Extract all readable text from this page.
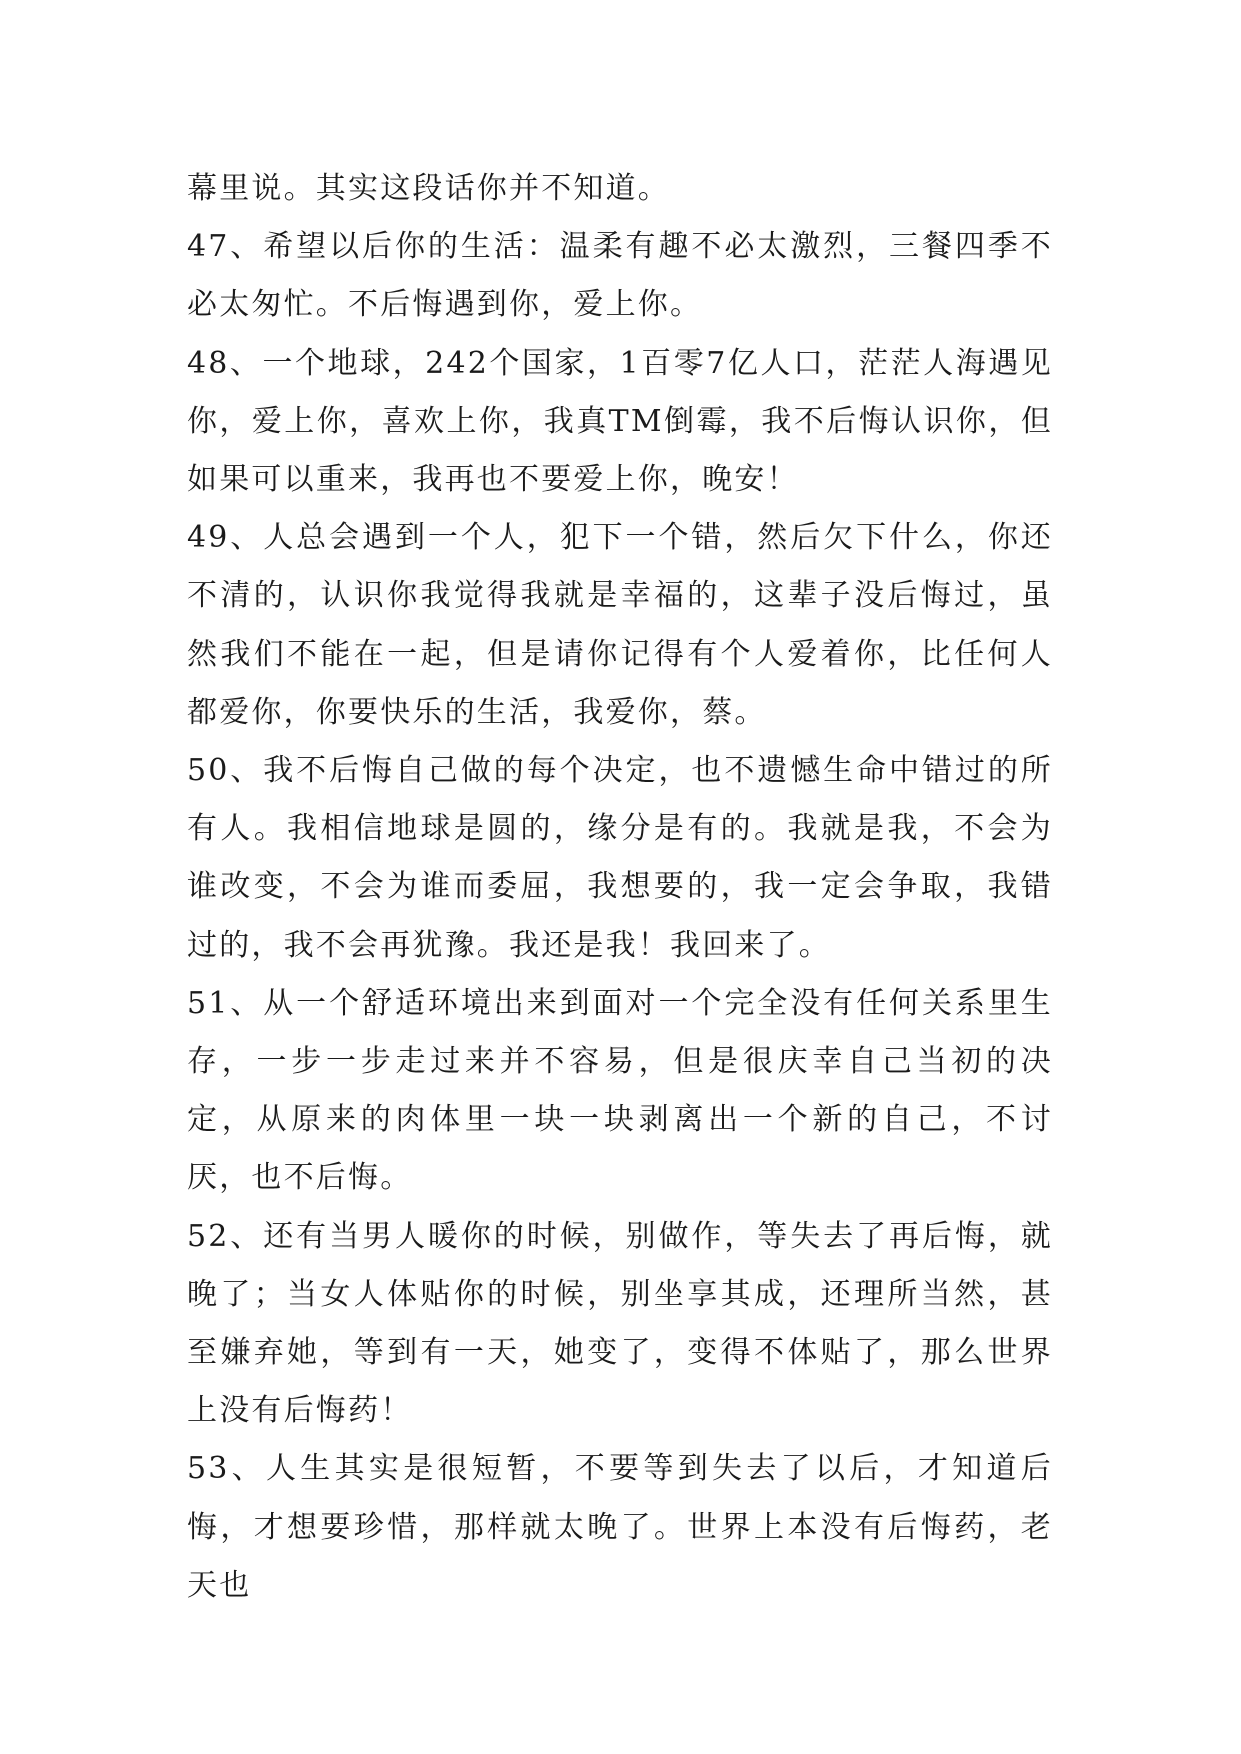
幕里说。其实这段话你并不知道。

47、希望以后你的生活：温柔有趣不必太激烈，三餐四季不必太匆忙。不后悔遇到你，爱上你。

48、一个地球，242个国家，1百零7亿人口，茫茫人海遇见你，爱上你，喜欢上你，我真TM倒霉，我不后悔认识你，但如果可以重来，我再也不要爱上你，晚安！

49、人总会遇到一个人，犯下一个错，然后欠下什么，你还不清的，认识你我觉得我就是幸福的，这辈子没后悔过，虽然我们不能在一起，但是请你记得有个人爱着你，比任何人都爱你，你要快乐的生活，我爱你，蔡。

50、我不后悔自己做的每个决定，也不遗憾生命中错过的所有人。我相信地球是圆的，缘分是有的。我就是我，不会为谁改变，不会为谁而委屈，我想要的，我一定会争取，我错过的，我不会再犹豫。我还是我！我回来了。

51、从一个舒适环境出来到面对一个完全没有任何关系里生存，一步一步走过来并不容易，但是很庆幸自己当初的决定，从原来的肉体里一块一块剥离出一个新的自己，不讨厌，也不后悔。

52、还有当男人暖你的时候，别做作，等失去了再后悔，就晚了；当女人体贴你的时候，别坐享其成，还理所当然，甚至嫌弃她，等到有一天，她变了，变得不体贴了，那么世界上没有后悔药！

53、人生其实是很短暂，不要等到失去了以后，才知道后悔，才想要珍惜，那样就太晚了。世界上本没有后悔药，老天也
